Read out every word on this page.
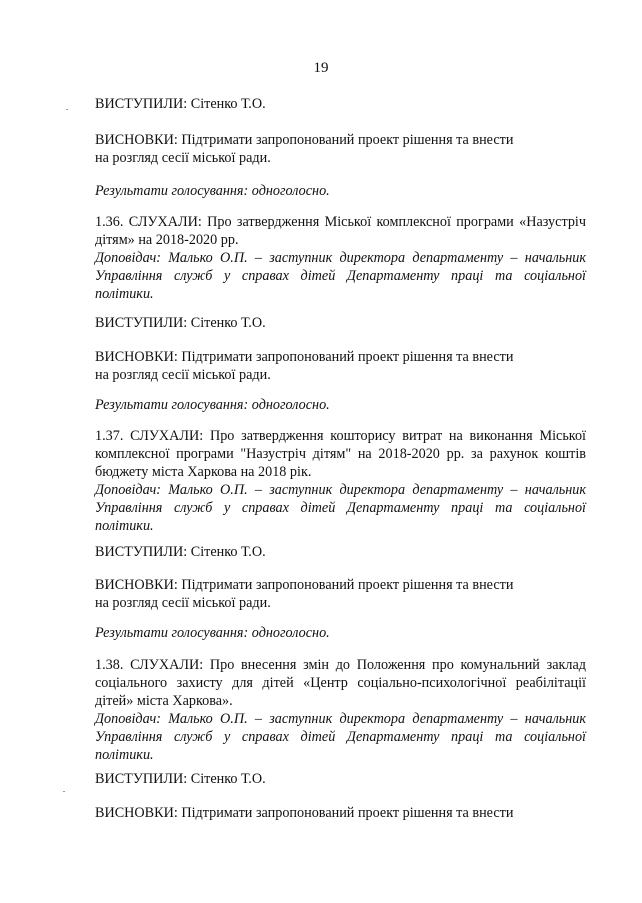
19

ВИСТУПИЛИ: Сітенко Т.О.

ВИСНОВКИ: Підтримати запропонований проект рішення та внести

на розгляд сесії міської ради.

Результати голосування: одноголосно.

1.36. СЛУХАЛИ: Про затвердження Міської комплексної програми «Назустріч

дітям» на 2018-2020 рр.

Доповідач: Малько О.П. – заступник директора департаменту – начальник

Управління служб у справах дітей Департаменту праці та соціальної

політики.

ВИСТУПИЛИ: Сітенко Т.О.

ВИСНОВКИ: Підтримати запропонований проект рішення та внести

на розгляд сесії міської ради.

Результати голосування: одноголосно.

1.37. СЛУХАЛИ: Про затвердження кошторису витрат на виконання Міської

комплексної програми "Назустріч дітям" на 2018-2020 рр. за рахунок коштів

бюджету міста Харкова на 2018 рік.

Доповідач: Малько О.П. – заступник директора департаменту – начальник

Управління служб у справах дітей Департаменту праці та соціальної

політики.

ВИСТУПИЛИ: Сітенко Т.О.

ВИСНОВКИ: Підтримати запропонований проект рішення та внести

на розгляд сесії міської ради.

Результати голосування: одноголосно.

1.38. СЛУХАЛИ: Про внесення змін до Положення про комунальний заклад

соціального захисту для дітей «Центр соціально-психологічної реабілітації

дітей» міста Харкова».

Доповідач: Малько О.П. – заступник директора департаменту – начальник

Управління служб у справах дітей Департаменту праці та соціальної

політики.

ВИСТУПИЛИ: Сітенко Т.О.

ВИСНОВКИ: Підтримати запропонований проект рішення та внести
